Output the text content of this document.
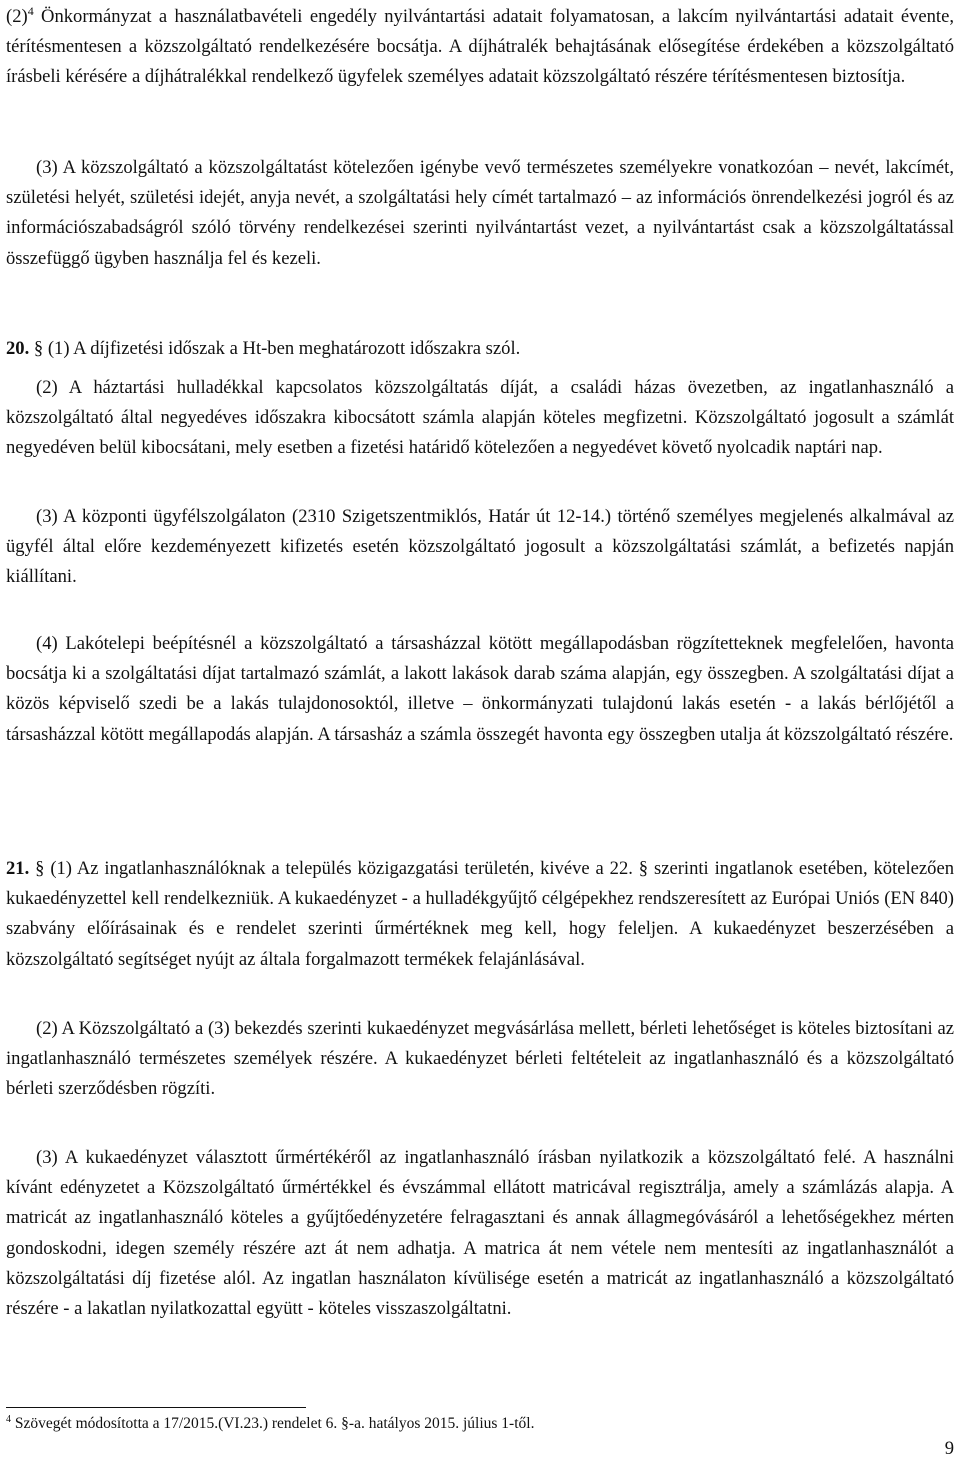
$(2)^4$ Önkormányzat a használatbavételi engedély nyilvántartási adatait folyamatosan, a lakcím nyilvántartási adatait évente, térítésmentesen a közszolgáltató rendelkezésére bocsátja. A díjhátralék behajtásának elősegítése érdekében a közszolgáltató írásbeli kérésére a díjhátralékkal rendelkező ügyfelek személyes adatait közszolgáltató részére térítésmentesen biztosítja.

(3) A közszolgáltató a közszolgáltatást kötelezően igénybe vevő természetes személyekre vonatkozóan – nevét, lakcímét, születési helyét, születési idejét, anyja nevét, a szolgáltatási hely címét tartalmazó – az információs önrendelkezési jogról és az információszabadságról szóló törvény rendelkezései szerinti nyilvántartást vezet, a nyilvántartást csak a közszolgáltatással összefüggő ügyben használja fel és kezeli.

20. § (1) A díjfizetési időszak a Ht-ben meghatározott időszakra szól.

(2) A háztartási hulladékkal kapcsolatos közszolgáltatás díját, a családi házas övezetben, az ingatlanhasználó a közszolgáltató által negyedéves időszakra kibocsátott számla alapján köteles megfizetni. Közszolgáltató jogosult a számlát negyedéven belül kibocsátani, mely esetben a fizetési határidő kötelezően a negyedévet követő nyolcadik naptári nap.

(3) A központi ügyfélszolgálaton (2310 Szigetszentmiklós, Határ út 12-14.) történő személyes megjelenés alkalmával az ügyfél által előre kezdeményezett kifizetés esetén közszolgáltató jogosult a közszolgáltatási számlát, a befizetés napján kiállítani.

(4) Lakótelepi beépítésnél a közszolgáltató a társasházzal kötött megállapodásban rögzítetteknek megfelelően, havonta bocsátja ki a szolgáltatási díjat tartalmazó számlát, a lakott lakások darab száma alapján, egy összegben. A szolgáltatási díjat a közös képviselő szedi be a lakás tulajdonosoktól, illetve – önkormányzati tulajdonú lakás esetén - a lakás bérlőjétől a társasházzal kötött megállapodás alapján. A társasház a számla összegét havonta egy összegben utalja át közszolgáltató részére.

21. § (1) Az ingatlanhasználóknak a település közigazgatási területén, kivéve a 22. § szerinti ingatlanok esetében, kötelezően kukaedényzettel kell rendelkezniük. A kukaedényzet - a hulladékgyűjtő célgépekhez rendszeresített az Európai Uniós (EN 840) szabvány előírásainak és e rendelet szerinti űrmértéknek meg kell, hogy feleljen. A kukaedényzet beszerzésében a közszolgáltató segítséget nyújt az általa forgalmazott termékek felajánlásával.

(2) A Közszolgáltató a (3) bekezdés szerinti kukaedényzet megvásárlása mellett, bérleti lehetőséget is köteles biztosítani az ingatlanhasználó természetes személyek részére. A kukaedényzet bérleti feltételeit az ingatlanhasználó és a közszolgáltató bérleti szerződésben rögzíti.

(3) A kukaedényzet választott űrmértékéről az ingatlanhasználó írásban nyilatkozik a közszolgáltató felé. A használni kívánt edényzetet a Közszolgáltató űrmértékkel és évszámmal ellátott matricával regisztrálja, amely a számlázás alapja. A matricát az ingatlanhasználó köteles a gyűjtőedényzetére felragasztani és annak állagmegóvásáról a lehetőségekhez mérten gondoskodni, idegen személy részére azt át nem adhatja. A matrica át nem vétele nem mentesíti az ingatlanhasználót a közszolgáltatási díj fizetése alól. Az ingatlan használaton kívülisége esetén a matricát az ingatlanhasználó a közszolgáltató részére - a lakatlan nyilatkozattal együtt - köteles visszaszolgáltatni.

$^4$ Szövegét módosította a 17/2015.(VI.23.) rendelet 6. §-a. hatályos 2015. július 1-től.
9
